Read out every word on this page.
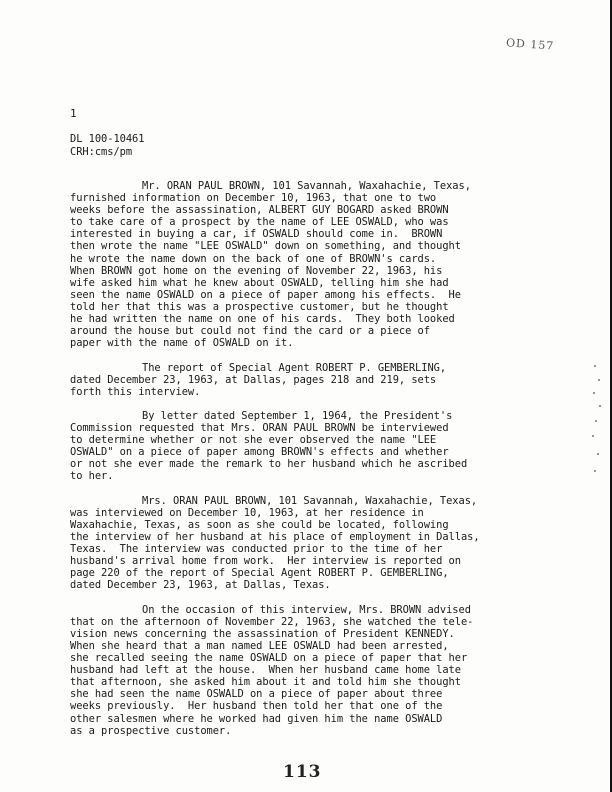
OD 157
1
DL 100-10461
CRH:cms/pm
Mr. ORAN PAUL BROWN, 101 Savannah, Waxahachie, Texas,
furnished information on December 10, 1963, that one to two
weeks before the assassination, ALBERT GUY BOGARD asked BROWN
to take care of a prospect by the name of LEE OSWALD, who was
interested in buying a car, if OSWALD should come in.  BROWN
then wrote the name "LEE OSWALD" down on something, and thought
he wrote the name down on the back of one of BROWN's cards.
When BROWN got home on the evening of November 22, 1963, his
wife asked him what he knew about OSWALD, telling him she had
seen the name OSWALD on a piece of paper among his effects.  He
told her that this was a prospective customer, but he thought
he had written the name on one of his cards.  They both looked
around the house but could not find the card or a piece of
paper with the name of OSWALD on it.
The report of Special Agent ROBERT P. GEMBERLING,
dated December 23, 1963, at Dallas, pages 218 and 219, sets
forth this interview.
By letter dated September 1, 1964, the President's
Commission requested that Mrs. ORAN PAUL BROWN be interviewed
to determine whether or not she ever observed the name "LEE
OSWALD" on a piece of paper among BROWN's effects and whether
or not she ever made the remark to her husband which he ascribed
to her.
Mrs. ORAN PAUL BROWN, 101 Savannah, Waxahachie, Texas,
was interviewed on December 10, 1963, at her residence in
Waxahachie, Texas, as soon as she could be located, following
the interview of her husband at his place of employment in Dallas,
Texas.  The interview was conducted prior to the time of her
husband's arrival home from work.  Her interview is reported on
page 220 of the report of Special Agent ROBERT P. GEMBERLING,
dated December 23, 1963, at Dallas, Texas.
On the occasion of this interview, Mrs. BROWN advised
that on the afternoon of November 22, 1963, she watched the tele-
vision news concerning the assassination of President KENNEDY.
When she heard that a man named LEE OSWALD had been arrested,
she recalled seeing the name OSWALD on a piece of paper that her
husband had left at the house.  When her husband came home late
that afternoon, she asked him about it and told him she thought
she had seen the name OSWALD on a piece of paper about three
weeks previously.  Her husband then told her that one of the
other salesmen where he worked had given him the name OSWALD
as a prospective customer.
113
